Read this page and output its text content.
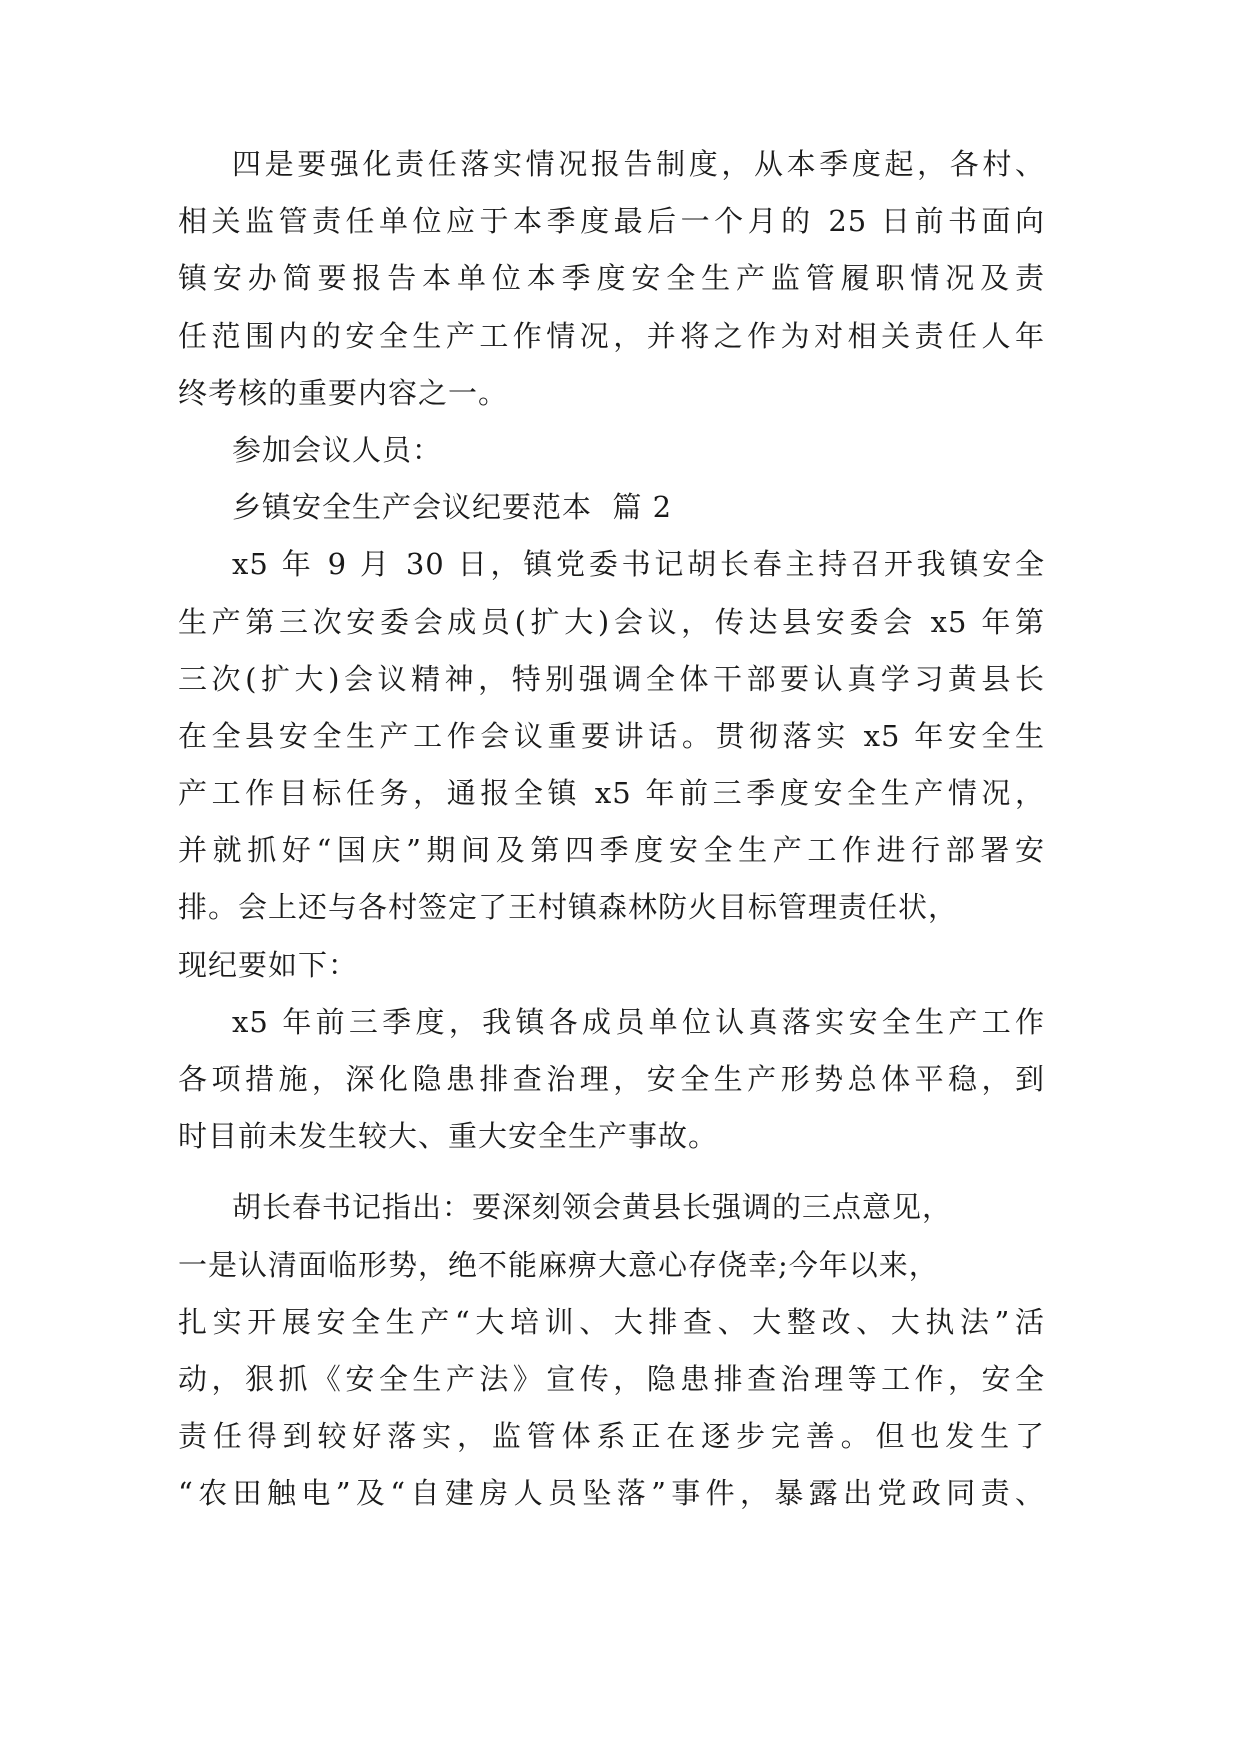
四是要强化责任落实情况报告制度，从本季度起，各村、
相关监管责任单位应于本季度最后一个月的 25 日前书面向
镇安办简要报告本单位本季度安全生产监管履职情况及责
任范围内的安全生产工作情况，并将之作为对相关责任人年
终考核的重要内容之一。
参加会议人员：
乡镇安全生产会议纪要范本  篇 2
x5 年 9 月 30 日，镇党委书记胡长春主持召开我镇安全
生产第三次安委会成员(扩大)会议，传达县安委会 x5 年第
三次(扩大)会议精神，特别强调全体干部要认真学习黄县长
在全县安全生产工作会议重要讲话。贯彻落实 x5 年安全生
产工作目标任务，通报全镇 x5 年前三季度安全生产情况，
并就抓好“国庆”期间及第四季度安全生产工作进行部署安
排。会上还与各村签定了王村镇森林防火目标管理责任状，
现纪要如下：
x5 年前三季度，我镇各成员单位认真落实安全生产工作
各项措施，深化隐患排查治理，安全生产形势总体平稳，到
时目前未发生较大、重大安全生产事故。
胡长春书记指出：要深刻领会黄县长强调的三点意见，
一是认清面临形势，绝不能麻痹大意心存侥幸;今年以来，
扎实开展安全生产“大培训、大排查、大整改、大执法”活
动，狠抓《安全生产法》宣传，隐患排查治理等工作，安全
责任得到较好落实，监管体系正在逐步完善。但也发生了
“农田触电”及“自建房人员坠落”事件，暴露出党政同责、
